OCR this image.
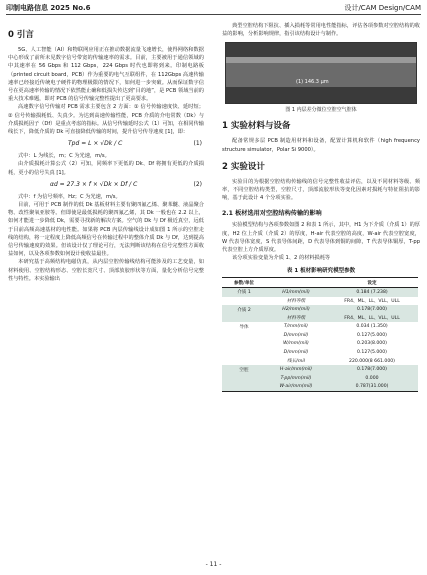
印制电路信息 2025 No.6	设计/CAM Design/CAM
0 引言

5G、人工智能（AI）和物联网应用正在推动数据流量飞速增长，使得网络和数据中心形成了前所未见数字信号带宽的传输速率的需求。目前，主要被用于通信领域的中其速率在 56 Gbps 和 112 Gbps，224 Gbps 时代也即将到来。印制电路板（printed circuit board，PCB）作为重要的电气互联组件，在 112Gbps 高速传输速率已经接近传统电子硬件的物理极限的情况下，如何进一步突破。从而保证数字信号在更高速率传输的情况下依然能止确和低损失传达到“目的地”，是 PCB 领域当前的重大技术难题，即对 PCB 的信号传输完整性提出了更高要求。

高速数字信号传输对 PCB 需求主要包含 2 方面：① 信号传输速度快、延时短；② 信号传输损耗低、失真少。为达到高速传输性能，PCB 介质的介电常数（Dk）与介质损耗因子（Df）是重点考虑的指标。从信号传输延时公式（1）可知，在相同传输线长下，降低介质的 Dk 可直接降低传输的时间，提升信号传导速度 [1]，即：

Tpd = L × √Dk / C	(1)

式中：L 为线长，m；C 为光速，m/s。

由介质损耗计算公式（2）可知，同频率下更低的 Dk、Df 将拥有更低的介质损耗，更小的信号失真 [1]。

αd = 27.3 × f × √Dk × Df / C	(2)

式中：f 为信号频率，Hz；C 为光速，m/s。

目前，可用于 PCB 制作的低 Dk 基板材料主要有聚四氟乙烯、聚苯醚、液晶聚合物、改性聚氧亚胺等。但即使是最低损耗的聚四氟乙烯，其 Dk 一般也在 2.2 以上，如何才能进一步降低 Dk，需要寻找新的解决方案。空气的 Dk 与 Df 极近真空，远低于目前高频高速基材的电性能。如果将 PCB 内层传输线设计成如图 1 所示的空腔走线的结构，将一定程度上降低高频信号在传输过程中的整体介质 Dk 与 Df，达到提高信号传输速度的效果。但该设计仅了理论可行，无法判断该结构在信号完整性方面收益如何，以及各项参数如何设计使收益最佳。

本研究基于高频结构电磁仿真，从内层空腔传输线结构可能涉及的工艺变量，如材料使用、空腔结构形态、空腔长宽尺寸、顶部放胶形状等方面，量化分析信号完整性与特性。本实验输出

典型空腔结构下阻抗、插入损耗等常用电性能指标，评估各项参数对空腔结构的收益的影响，分析影响规律，指引该结构设计与制作。

(1) 146.3 μm
图 1 内层差分微位空腔空气腔体
1 实验材料与设备

配备常规多层 PCB 制造用材料和设备，配置计算机和软件（high frequency structure simulator，Polar Si 9000）。

2 实验设计

实验目的为根据空腔结构传输线的信号完整性收益评估，以及不同材料等级、频率，不同空腔结构类型，空腔尺寸，顶部流胶形状等变化因素对损耗与特征阻抗的影响，基于此设计 4 个分项实验。

2.1 板材选用对空腔结构传输的影响

实验模型结构与各项参数如图 2 和表 1 所示，其中，H1 为下介质（介质 1）的厚度，H2 位上介质（介质 2）的厚度，H-air 代表空腔的高度，W-air 代表空腔宽度，W 代表导体宽度，S 代表导体间距，D 代表导体到铜的间隙，T 代表导体铜厚，T-pp 代表空腔上方介质厚度。

该分项实验变量为介质 1、2 的材料损耗等

表 1 板材影响研究模型参数
参数/单位		设定
介质 1	H1/mm(mil)	0.184 (7.238)
	材料等级	FR4、ML、LL、VLL、ULL
介质 2	H2/mm(mil)	0.178(7.000)
	材料等级	FR4、ML、LL、VLL、ULL
导体	T/mm(mil)	0.034 (1.350)
	D/mm(mil)	0.127(5.000)
	W/mm(mil)	0.203(8.000)
	D/mm(mil)	0.127(5.000)
	线长/mil	220.000(8 661.000)
空腔	H-air/mm(mil)	0.178(7.000)
	T-pp/mm(mil)	0.000
	W-air/mm(mil)	0.787(31.000)
- 11 -
